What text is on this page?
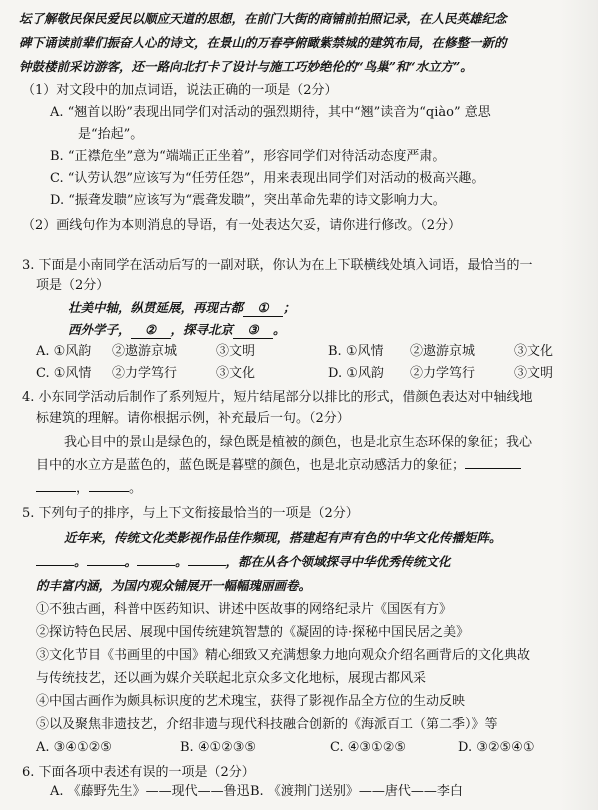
坛了解敬民保民爱民以顺应天道的思想，在前门大街的商铺前拍照记录，在人民英雄纪念
碑下诵读前辈们振奋人心的诗文，在景山的万春亭俯瞰紫禁城的建筑布局，在修整一新的
钟鼓楼前采访游客，还一路向北打卡了设计与施工巧妙绝伦的“鸟巢”和“水立方”。
（1）对文段中的加点词语，说法正确的一项是（2分）
A. “翘首以盼”表现出同学们对活动的强烈期待，其中“翘”读音为“qiào” 意思
是“抬起”。
B. “正襟危坐”意为“端端正正坐着”，形容同学们对待活动态度严肃。
C. “认劳认怨”应该写为“任劳任怨”，用来表现出同学们对活动的极高兴趣。
D. “振聋发聩”应该写为“震聋发聩”，突出革命先辈的诗文影响力大。
（2）画线句作为本则消息的导语，有一处表达欠妥，请你进行修改。（2分）
3. 下面是小南同学在活动后写的一副对联，你认为在上下联横线处填入词语，最恰当的一
项是（2分）
壮美中轴，纵贯延展，再现古都 ① ；
西外学子， ② ，探寻北京 ③ 。
A. ①风韵 ②遨游京城	③文明	B. ①风情 ②遨游京城	③文化
C. ①风情 ②力学笃行	③文化	D. ①风韵 ②力学笃行	③文明
4. 小东同学活动后制作了系列短片，短片结尾部分以排比的形式，借颜色表达对中轴线地
标建筑的理解。请你根据示例，补充最后一句。（2分）
我心目中的景山是绿色的，绿色既是植被的颜色，也是北京生态环保的象征；我心
目中的水立方是蓝色的，蓝色既是暮壁的颜色，也是北京动感活力的象征；
，	。
5. 下列句子的排序，与上下文衔接最恰当的一项是（2分）
近年来，传统文化类影视作品佳作频现，搭建起有声有色的中华文化传播矩阵。
。	。	。	，都在从各个领域探寻中华优秀传统文化
的丰富内涵，为国内观众铺展开一幅幅瑰丽画卷。
①不独古画，科普中医药知识、讲述中医故事的网络纪录片《国医有方》
②探访特色民居、展现中国传统建筑智慧的《凝固的诗·探秘中国民居之美》
③文化节目《书画里的中国》精心细致又充满想象力地向观众介绍名画背后的文化典故
与传统技艺，还以画为媒介关联起北京众多文化地标，展现古都风采
④中国古画作为颇具标识度的艺术瑰宝，获得了影视作品全方位的生动反映
⑤以及聚焦非遗技艺，介绍非遗与现代科技融合创新的《海派百工（第二季）》等
A. ③④①②⑤	B. ④①②③⑤	C. ④③①②⑤	D. ③②⑤④①
6. 下面各项中表述有误的一项是（2分）
A. 《藤野先生》——现代——鲁迅 B. 《渡荆门送别》——唐代——李白
